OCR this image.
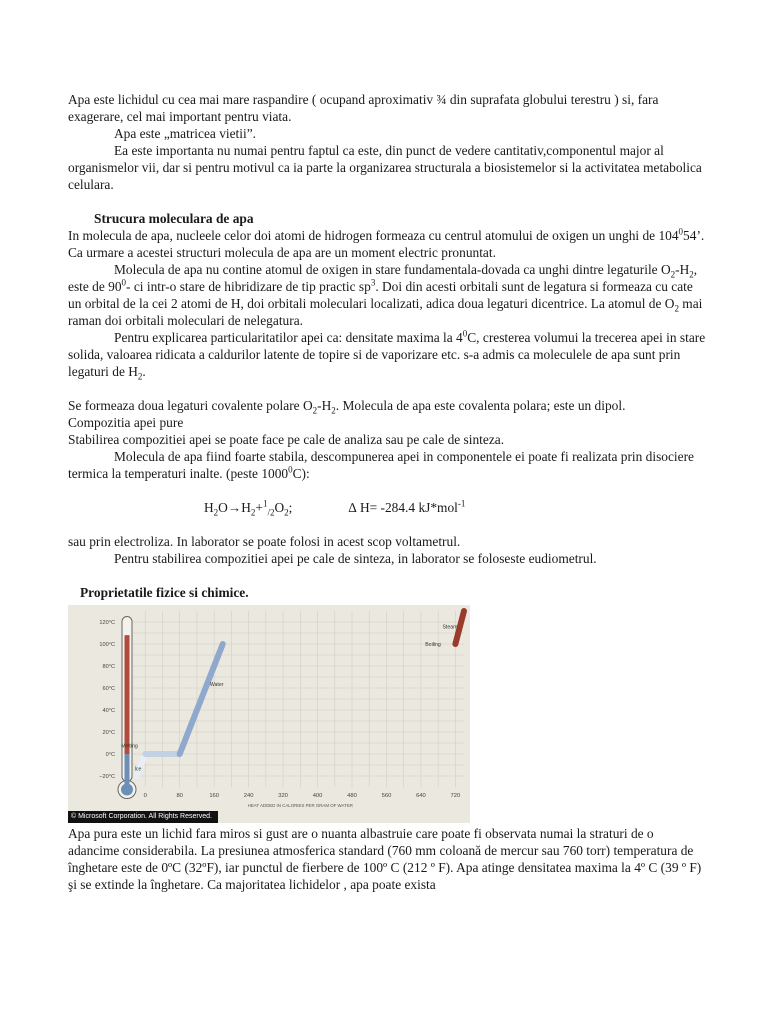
Apa este lichidul cu cea mai mare raspandire ( ocupand aproximativ ¾ din suprafata globului terestru ) si, fara exagerare, cel mai important pentru viata.

Apa este „matricea vietii”.

Ea este importanta nu numai pentru faptul ca este, din punct de vedere cantitativ,componentul major al organismelor vii, dar si pentru motivul ca ia parte la organizarea structurala a biosistemelor si la activitatea metabolica celulara.

Strucura moleculara de apa

In molecula de apa, nucleele celor doi atomi de hidrogen formeaza cu centrul atomului de oxigen un unghi de $104^054$’. Ca urmare a acestei structuri molecula de apa are un moment electric pronuntat.

Molecula de apa nu contine atomul de oxigen in stare fundamentala-dovada ca unghi dintre legaturile $O_2-H_2$, este de $90^0-$ ci intr-o stare de hibridizare de tip practic $sp^3$. Doi din acesti orbitali sunt de legatura si formeaza cu cate un orbital de la cei 2 atomi de H, doi orbitali moleculari localizati, adica doua legaturi dicentrice. La atomul de $O_2$ mai raman doi orbitali moleculari de nelegatura.

Pentru explicarea particularitatilor apei ca: densitate maxima la $4^0C$, cresterea volumui la trecerea apei in stare solida, valoarea ridicata a caldurilor latente de topire si de vaporizare etc. s-a admis ca moleculele de apa sunt prin legaturi de $H_2$.

Se formeaza doua legaturi covalente polare $O_2-H_2$. Molecula de apa este covalenta polara; este un dipol.

Compozitia apei pure

Stabilirea compozitiei apei se poate face pe cale de analiza sau pe cale de sinteza.

Molecula de apa fiind foarte stabila, descompunerea apei in componentele ei poate fi realizata prin disociere termica la temperaturi inalte. (peste 1000$^0$C):

$H_2O\to H_2+^1_{/2}O_2$;	∆ H= -284.4 kJ*mol$^{-1}$

sau prin electroliza. In laborator se poate folosi in acest scop voltametrul.

Pentru stabilirea compozitiei apei pe cale de sinteza, in laborator se foloseste eudiometrul.

Proprietatile fizice si chimice.

120°C
100°C
80°C
60°C
40°C
20°C
0°C
−20°C
0	80	160	240	320	400	480	560	640	720
HEAT ADDED IN CALORIES PER GRAM OF WATER
Ice
Melting
Water
Boiling
Steam
© Microsoft Corporation. All Rights Reserved.

Apa pura este un lichid fara miros si gust are o nuanta albastruie care poate fi observata numai la straturi de o adancime considerabila. La presiunea atmosferica standard (760 mm coloană de mercur sau 760 torr) temperatura de înghetare este de 0ºC (32ºF), iar punctul de fierbere de 100º C (212 º F). Apa atinge densitatea maxima la 4º C (39 º F) şi se extinde la înghetare. Ca majoritatea lichidelor , apa poate exista
